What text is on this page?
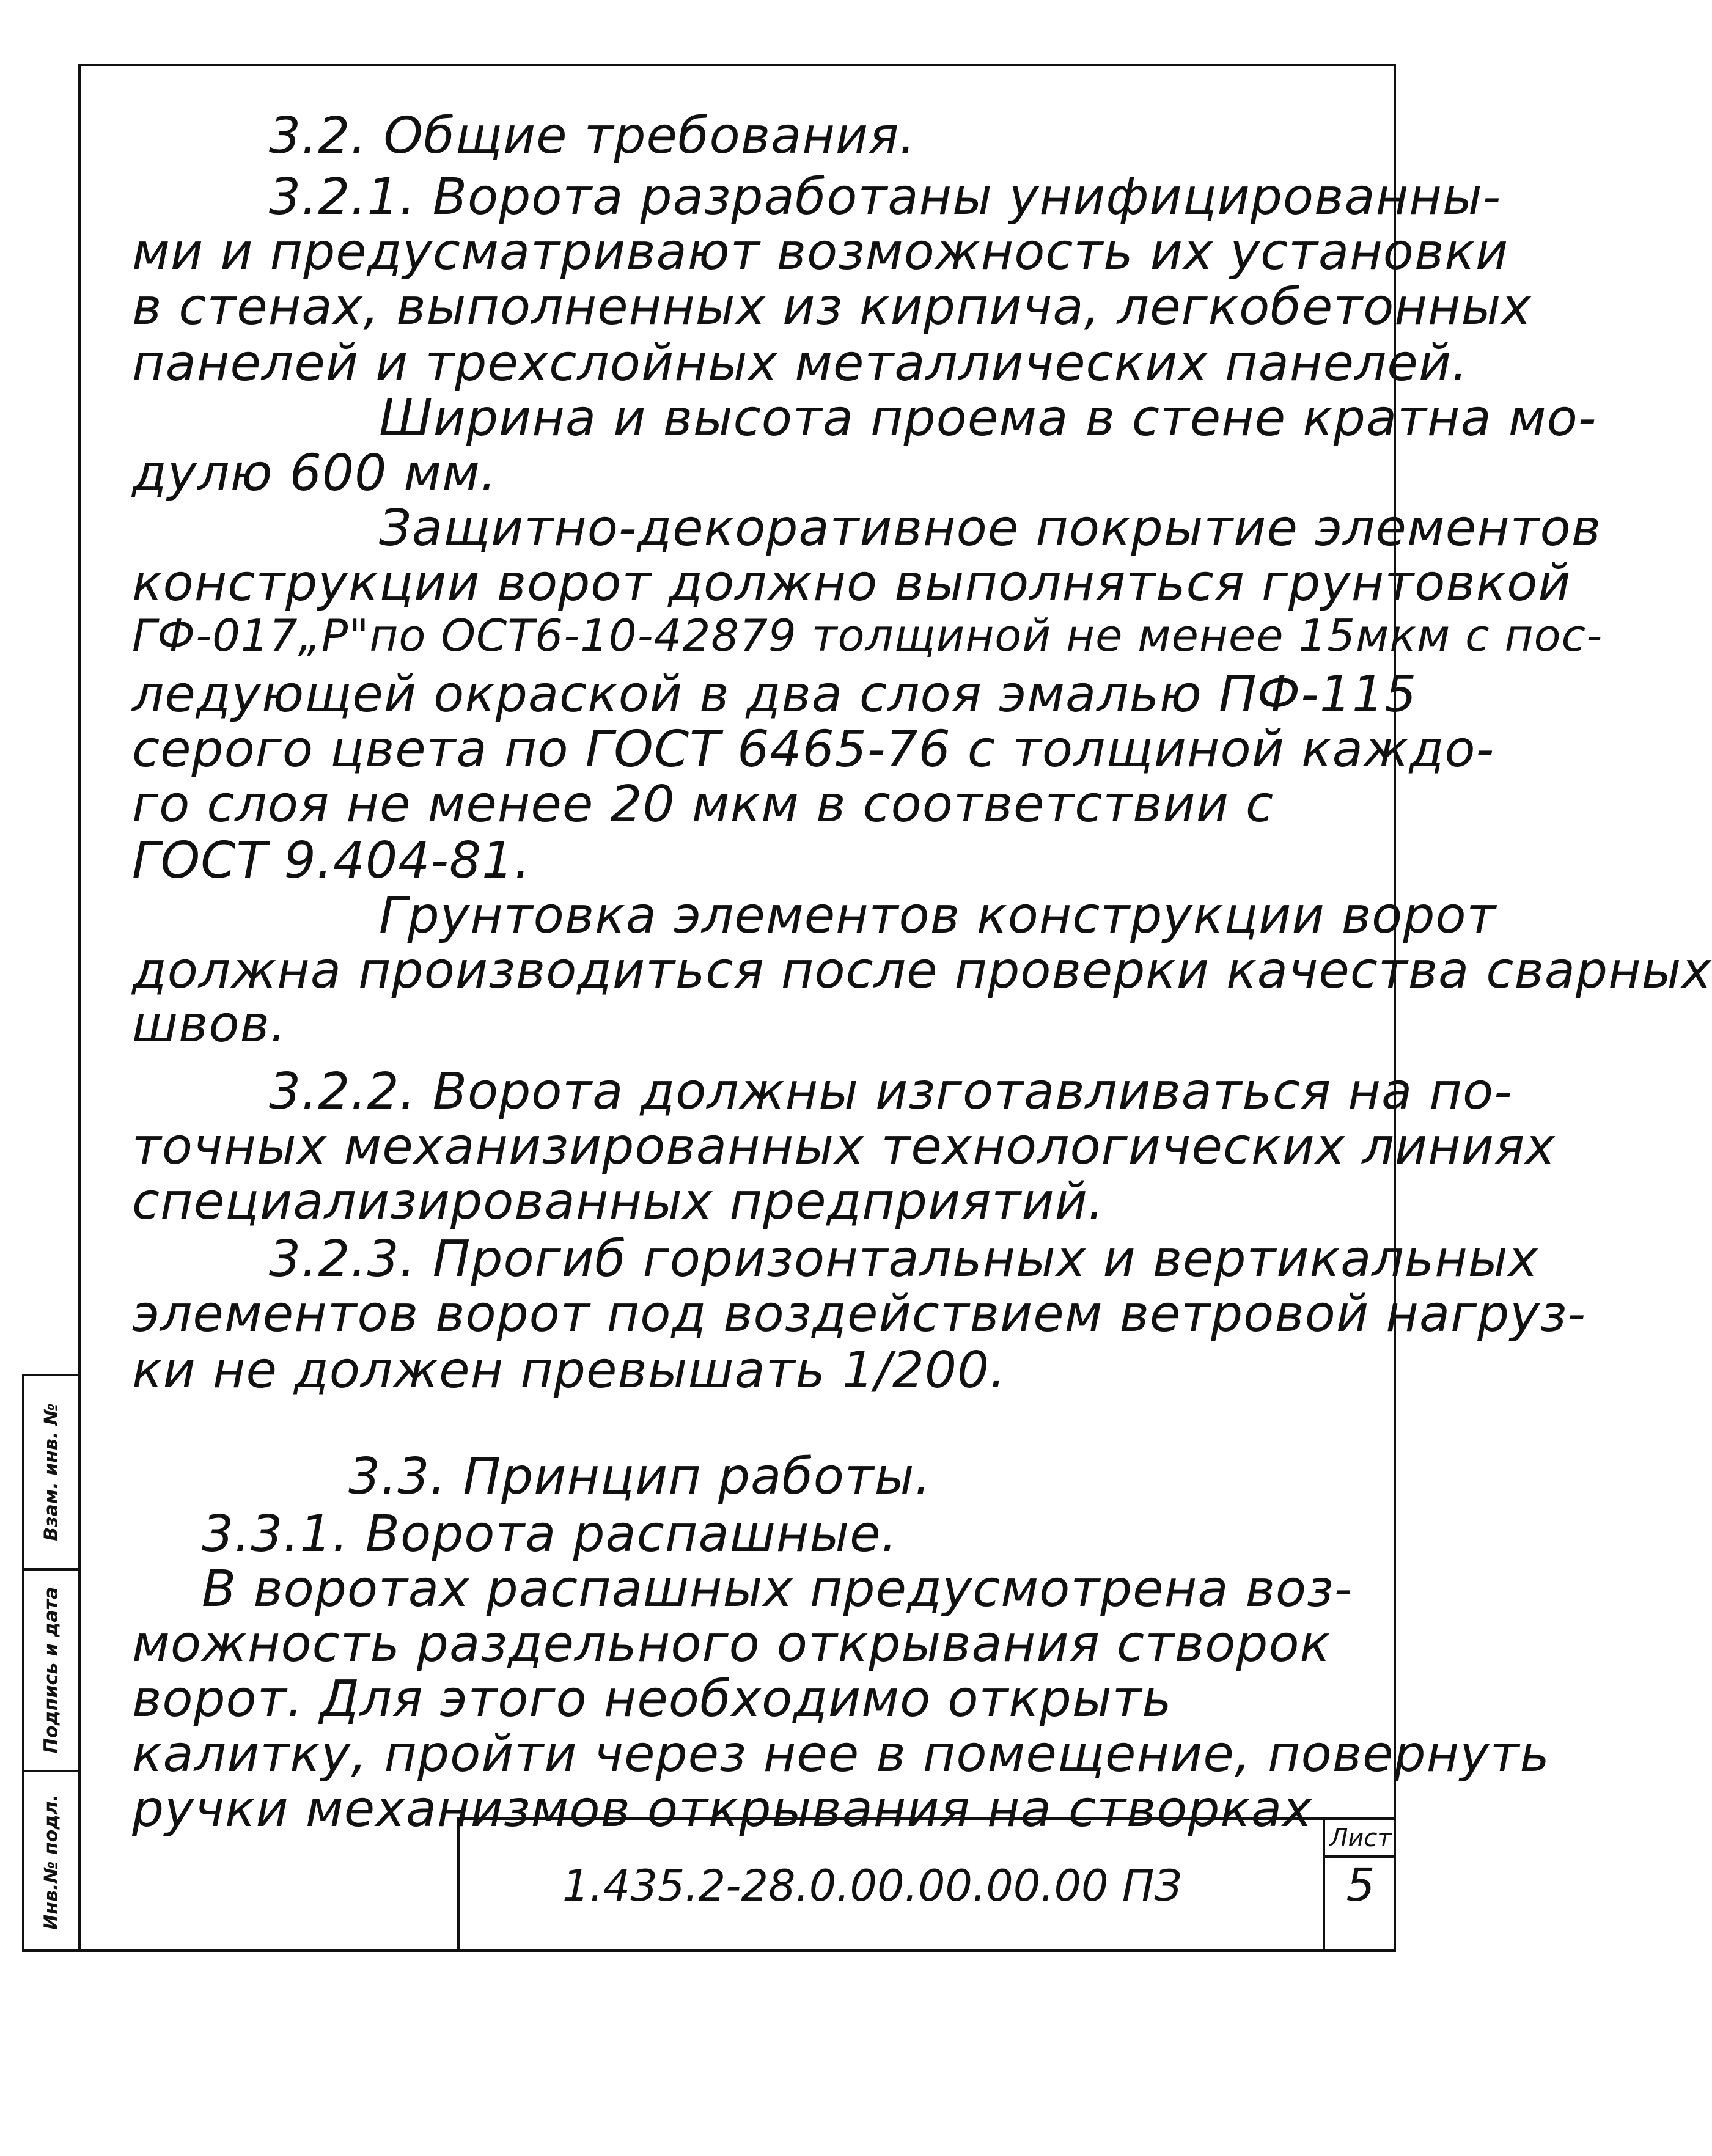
3.2. Общие требования.
3.2.1. Ворота разработаны унифицированны-
ми и предусматривают возможность их установки
в стенах, выполненных из кирпича, легкобетонных
панелей и трехслойных металлических панелей.
Ширина и высота проема в стене кратна мо-
дулю 600 мм.
Защитно-декоративное покрытие элементов
конструкции ворот должно выполняться грунтовкой
ГФ-017„Р"по ОСТ6-10-42879 толщиной не менее 15мкм с пос-
ледующей окраской в два слоя эмалью ПФ-115
серого цвета по ГОСТ 6465-76 с толщиной каждо-
го слоя не менее 20 мкм в соответствии с
ГОСТ 9.404-81.
Грунтовка элементов конструкции ворот
должна производиться после проверки качества сварных
швов.
3.2.2. Ворота должны изготавливаться на по-
точных механизированных технологических линиях
специализированных предприятий.
3.2.3. Прогиб горизонтальных и вертикальных
элементов ворот под воздействием ветровой нагруз-
ки не должен превышать 1/200.
3.3. Принцип работы.
3.3.1. Ворота распашные.
В воротах распашных предусмотрена воз-
можность раздельного открывания створок
ворот. Для этого необходимо открыть
калитку, пройти через нее в помещение, повернуть
ручки механизмов открывания на створках
Взам. инв. №
Подпись и дата
Инв.№ подл.	1.435.2-28.0.00.00.00.00 ПЗ
Лист
5
